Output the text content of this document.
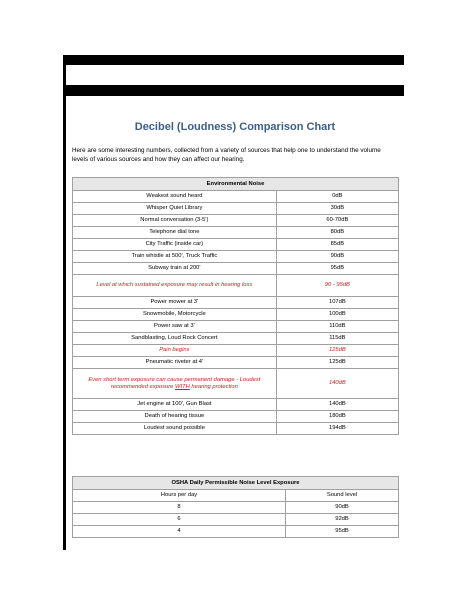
Decibel (Loudness) Comparison Chart
Here are some interesting numbers, collected from a variety of sources that help one to understand the volume levels of various sources and how they can affect our hearing.
Environmental Noise	
Weakest sound heard	0dB
Whisper Quiet Library	30dB
Normal conversation (3-5')	60-70dB
Telephone dial tone	80dB
City Traffic (inside car)	85dB
Train whistle at 500', Truck Traffic	90dB
Subway train at 200'	95dB
Level at which sustained exposure may result in hearing loss	90 - 95dB
Power mower at 3'	107dB
Snowmobile, Motorcycle	100dB
Power saw at 3'	110dB
Sandblasting, Loud Rock Concert	115dB
Pain begins	125dB
Pneumatic riveter at 4'	125dB
Even short term exposure can cause permanent damage - Loudest recommended exposure WITH hearing protection	140dB
Jet engine at 100', Gun Blast	140dB
Death of hearing tissue	180dB
Loudest sound possible	194dB
OSHA Daily Permissible Noise Level Exposure	
Hours per day	Sound level
8	90dB
6	92dB
4	95dB
